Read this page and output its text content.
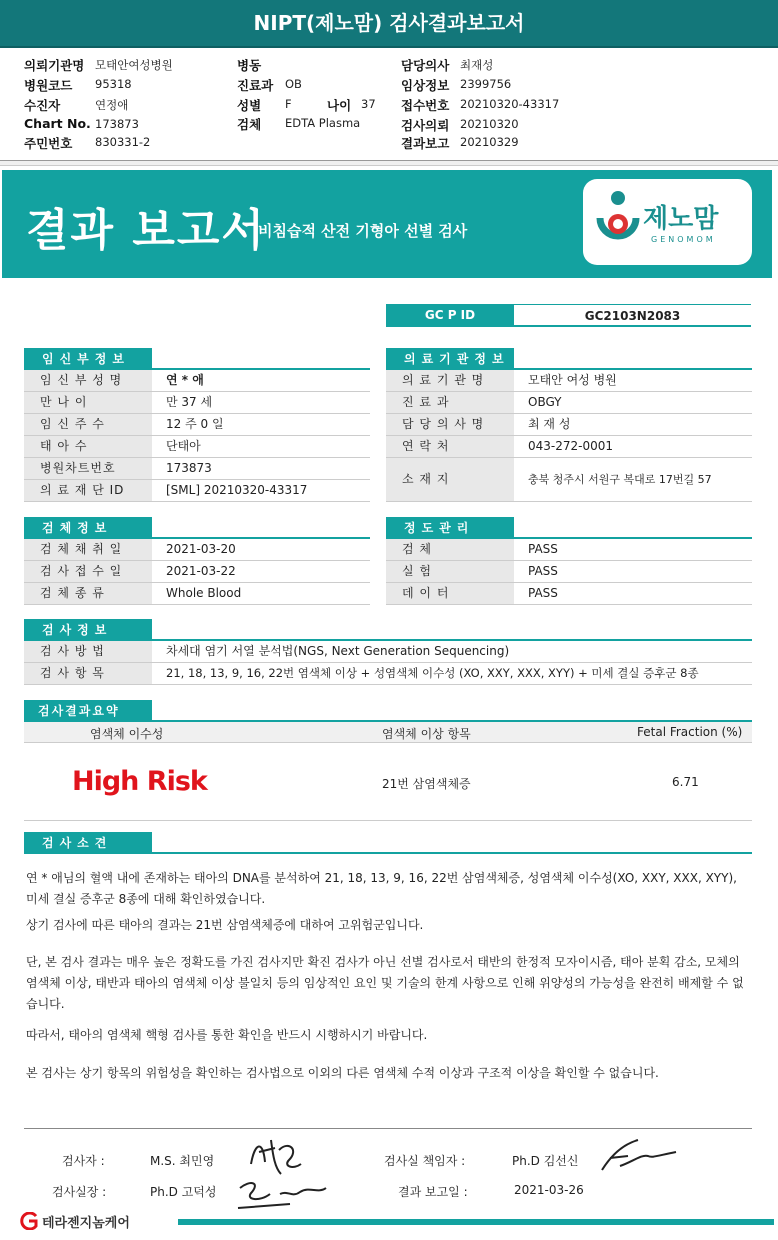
NIPT(제노맘) 검사결과보고서
의뢰기관명 모태안여성병원
병원코드 95318
수진자	연정애
Chart No. 173873
주민번호 830331-2
병동
진료과 OB
성별 F
검체 EDTA Plasma
나이 37
담당의사 최재성
임상정보 2399756
접수번호 20210320-43317
검사의뢰 20210320
결과보고 20210329
결과 보고서
비침습적 산전 기형아 선별 검사	제노맘
GENOMOM
GC P ID	GC2103N2083
임신부정보
임 신 부 성 명	연 * 애
만 나 이	만 37 세
임 신 주 수	12 주 0 일
태 아 수	단태아
병원차트번호	173873
의 료 재 단 ID	[SML] 20210320-43317
의료기관정보
의 료 기 관 명	모태안 여성 병원
진 료 과	OBGY
담 당 의 사 명	최 재 성
연 락 처	043-272-0001
소 재 지	충북 청주시 서원구 복대로 17번길 57
검체정보
검 체 채 취 일	2021-03-20
검 사 접 수 일	2021-03-22
검 체 종 류	Whole Blood
정도관리
검 체	PASS
실 험	PASS
데 이 터	PASS
검사정보
검 사 방 법	차세대 염기 서열 분석법(NGS, Next Generation Sequencing)
검 사 항 목	21, 18, 13, 9, 16, 22번 염색체 이상 + 성염색체 이수성 (XO, XXY, XXX, XYY) + 미세 결실 증후군 8종
검사결과요약
염색체 이수성	염색체 이상 항목	Fetal Fraction (%)
High Risk	21번 삼염색체증	6.71
검사소견
연 * 애님의 혈액 내에 존재하는 태아의 DNA를 분석하여 21, 18, 13, 9, 16, 22번 삼염색체증, 성염색체 이수성(XO, XXY, XXX, XYY), 미세 결실 증후군 8종에 대해 확인하였습니다.
상기 검사에 따른 태아의 결과는 21번 삼염색체증에 대하여 고위험군입니다.
단, 본 검사 결과는 매우 높은 정확도를 가진 검사지만 확진 검사가 아닌 선별 검사로서 태반의 한정적 모자이시즘, 태아 분획 감소, 모체의 염색체 이상, 태반과 태아의 염색체 이상 불일치 등의 임상적인 요인 및 기술의 한계 사항으로 인해 위양성의 가능성을 완전히 배제할 수 없습니다.
따라서, 태아의 염색체 핵형 검사를 통한 확인을 반드시 시행하시기 바랍니다.
본 검사는 상기 항목의 위험성을 확인하는 검사법으로 이외의 다른 염색체 수적 이상과 구조적 이상을 확인할 수 없습니다.
검사자 :	M.S. 최민영	검사실 책임자 :	Ph.D 김선신
검사실장 :	Ph.D 고덕성	결과 보고일 :	2021-03-26
테라젠지놈케어
